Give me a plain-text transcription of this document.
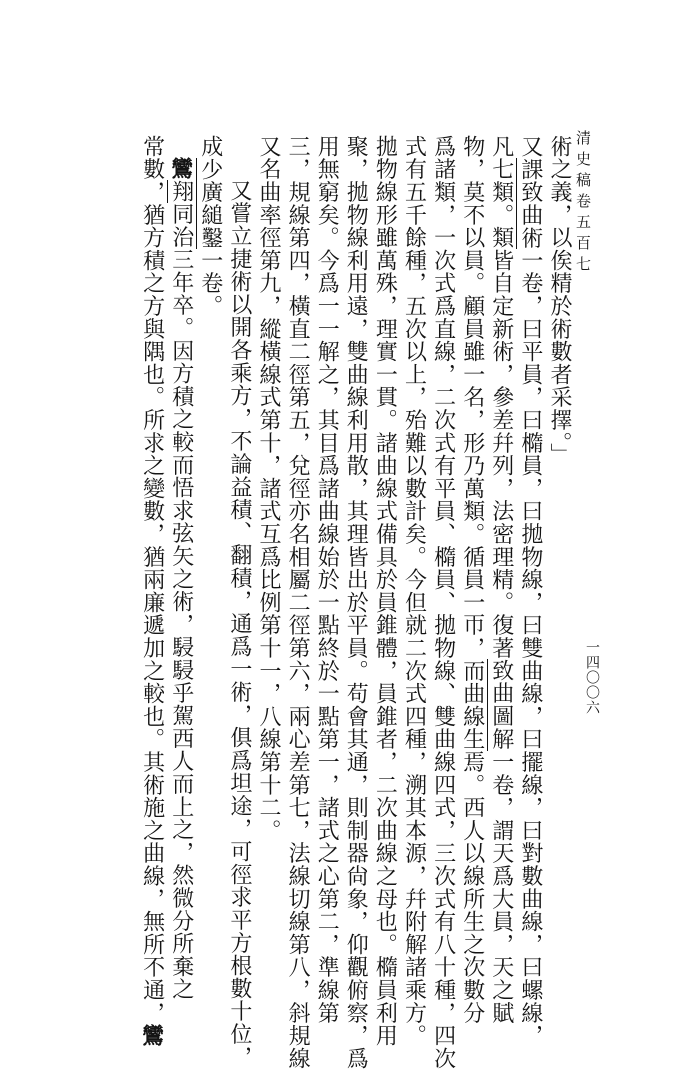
清史稿卷五百七
一四〇〇六
術之義，以俟精於術數者采擇。」
又課致曲術一卷，曰平員，曰橢員，曰拋物線，曰雙曲線，曰擺線，曰對數曲線，曰螺線，
凡七類。類皆自定新術，參差幷列，法密理精。復著致曲圖解一卷，謂天爲大員，天之賦
物，莫不以員。顧員雖一名，形乃萬類。循員一帀，而曲線生焉。西人以線所生之次數分
爲諸類，一次式爲直線，二次式有平員、橢員、拋物線、雙曲線四式，三次式有八十種，四次
式有五千餘種，五次以上，殆難以數計矣。今但就二次式四種，溯其本源，幷附解諸乘方。
拋物線形雖萬殊，理實一貫。諸曲線式備具於員錐體，員錐者，二次曲線之母也。橢員利用
聚，拋物線利用遠，雙曲線利用散，其理皆出於平員。苟會其通，則制器尙象，仰觀俯察，爲
用無窮矣。今爲一一解之，其目爲諸曲線始於一點終於一點第一，諸式之心第二，準線第
三，規線第四，橫直二徑第五，兌徑亦名相屬二徑第六，兩心差第七，法線切線第八，斜規線
又名曲率徑第九，縱橫線式第十，諸式互爲比例第十一，八線第十二。
又嘗立捷術以開各乘方，不論益積、翻積，通爲一術，俱爲坦途，可徑求平方根數十位，
成少廣縋鑿一卷。
鸞翔同治三年卒。因方積之較而悟求弦矢之術，駸駸乎駕西人而上之，然微分所棄之
常數，猶方積之方與隅也。所求之變數，猶兩廉遞加之較也。其術施之曲線，無所不通，鸞
